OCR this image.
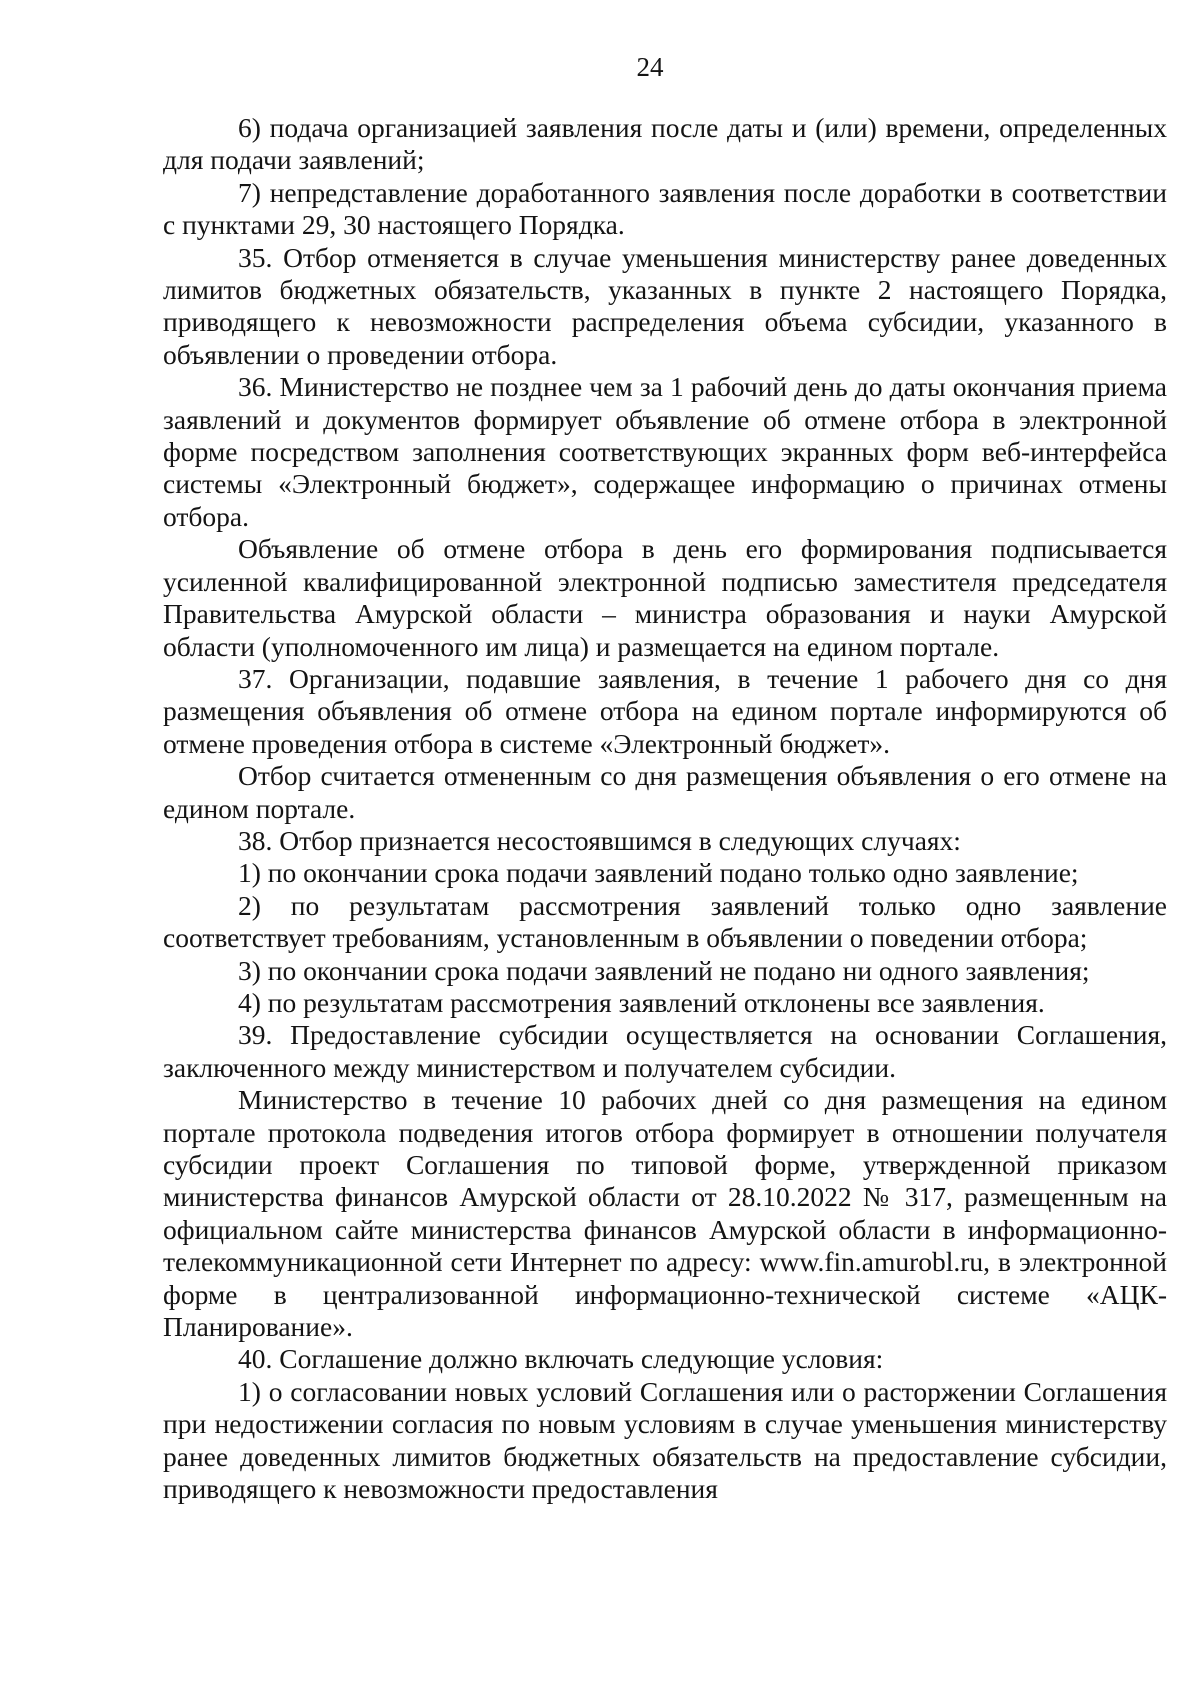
24

6) подача организацией заявления после даты и (или) времени, определенных для подачи заявлений;

7) непредставление доработанного заявления после доработки в соответствии с пунктами 29, 30 настоящего Порядка.

35. Отбор отменяется в случае уменьшения министерству ранее доведенных лимитов бюджетных обязательств, указанных в пункте 2 настоящего Порядка, приводящего к невозможности распределения объема субсидии, указанного в объявлении о проведении отбора.

36. Министерство не позднее чем за 1 рабочий день до даты окончания приема заявлений и документов формирует объявление об отмене отбора в электронной форме посредством заполнения соответствующих экранных форм веб-интерфейса системы «Электронный бюджет», содержащее информацию о причинах отмены отбора.

Объявление об отмене отбора в день его формирования подписывается усиленной квалифицированной электронной подписью заместителя председателя Правительства Амурской области – министра образования и науки Амурской области (уполномоченного им лица) и размещается на едином портале.

37. Организации, подавшие заявления, в течение 1 рабочего дня со дня размещения объявления об отмене отбора на едином портале информируются об отмене проведения отбора в системе «Электронный бюджет».

Отбор считается отмененным со дня размещения объявления о его отмене на едином портале.

38. Отбор признается несостоявшимся в следующих случаях:

1) по окончании срока подачи заявлений подано только одно заявление;

2) по результатам рассмотрения заявлений только одно заявление соответствует требованиям, установленным в объявлении о поведении отбора;

3) по окончании срока подачи заявлений не подано ни одного заявления;

4) по результатам рассмотрения заявлений отклонены все заявления.

39. Предоставление субсидии осуществляется на основании Соглашения, заключенного между министерством и получателем субсидии.

Министерство в течение 10 рабочих дней со дня размещения на едином портале протокола подведения итогов отбора формирует в отношении получателя субсидии проект Соглашения по типовой форме, утвержденной приказом министерства финансов Амурской области от 28.10.2022 № 317, размещенным на официальном сайте министерства финансов Амурской области в информационно-телекоммуникационной сети Интернет по адресу: www.fin.amurobl.ru, в электронной форме в централизованной информационно-технической системе «АЦК-Планирование».

40. Соглашение должно включать следующие условия:

1) о согласовании новых условий Соглашения или о расторжении Соглашения при недостижении согласия по новым условиям в случае уменьшения министерству ранее доведенных лимитов бюджетных обязательств на предоставление субсидии, приводящего к невозможности предоставления
